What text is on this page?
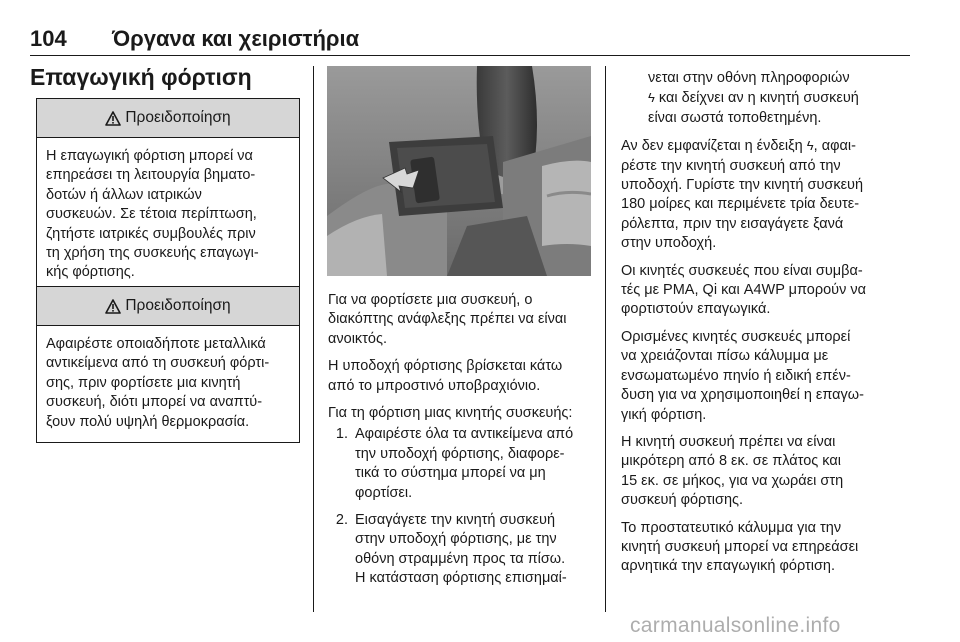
104 Όργανα και χειριστήρια
Επαγωγική φόρτιση
Προειδοποίηση
Η επαγωγική φόρτιση μπορεί να
επηρεάσει τη λειτουργία βηματο-
δοτών ή άλλων ιατρικών
συσκευών. Σε τέτοια περίπτωση,
ζητήστε ιατρικές συμβουλές πριν
τη χρήση της συσκευής επαγωγι-
κής φόρτισης.
Προειδοποίηση
Αφαιρέστε οποιαδήποτε μεταλλικά
αντικείμενα από τη συσκευή φόρτι-
σης, πριν φορτίσετε μια κινητή
συσκευή, διότι μπορεί να αναπτύ-
ξουν πολύ υψηλή θερμοκρασία.

Για να φορτίσετε μια συσκευή, ο
διακόπτης ανάφλεξης πρέπει να είναι
ανοικτός.

Η υποδοχή φόρτισης βρίσκεται κάτω
από το μπροστινό υποβραχιόνιο.

Για τη φόρτιση μιας κινητής συσκευής:

1. Αφαιρέστε όλα τα αντικείμενα από
την υποδοχή φόρτισης, διαφορε-
τικά το σύστημα μπορεί να μη
φορτίσει.
2. Εισαγάγετε την κινητή συσκευή
στην υποδοχή φόρτισης, με την
οθόνη στραμμένη προς τα πίσω.
Η κατάσταση φόρτισης επισημαί-

νεται στην οθόνη πληροφοριών
ϟ και δείχνει αν η κινητή συσκευή
είναι σωστά τοποθετημένη.

Αν δεν εμφανίζεται η ένδειξη ϟ, αφαι-
ρέστε την κινητή συσκευή από την
υποδοχή. Γυρίστε την κινητή συσκευή
180 μοίρες και περιμένετε τρία δευτε-
ρόλεπτα, πριν την εισαγάγετε ξανά
στην υποδοχή.

Οι κινητές συσκευές που είναι συμβα-
τές με PMA, Qi και A4WP μπορούν να
φορτιστούν επαγωγικά.

Ορισμένες κινητές συσκευές μπορεί
να χρειάζονται πίσω κάλυμμα με
ενσωματωμένο πηνίο ή ειδική επέν-
δυση για να χρησιμοποιηθεί η επαγω-
γική φόρτιση.

Η κινητή συσκευή πρέπει να είναι
μικρότερη από 8 εκ. σε πλάτος και
15 εκ. σε μήκος, για να χωράει στη
συσκευή φόρτισης.

Το προστατευτικό κάλυμμα για την
κινητή συσκευή μπορεί να επηρεάσει
αρνητικά την επαγωγική φόρτιση.

carmanualsonline.info
